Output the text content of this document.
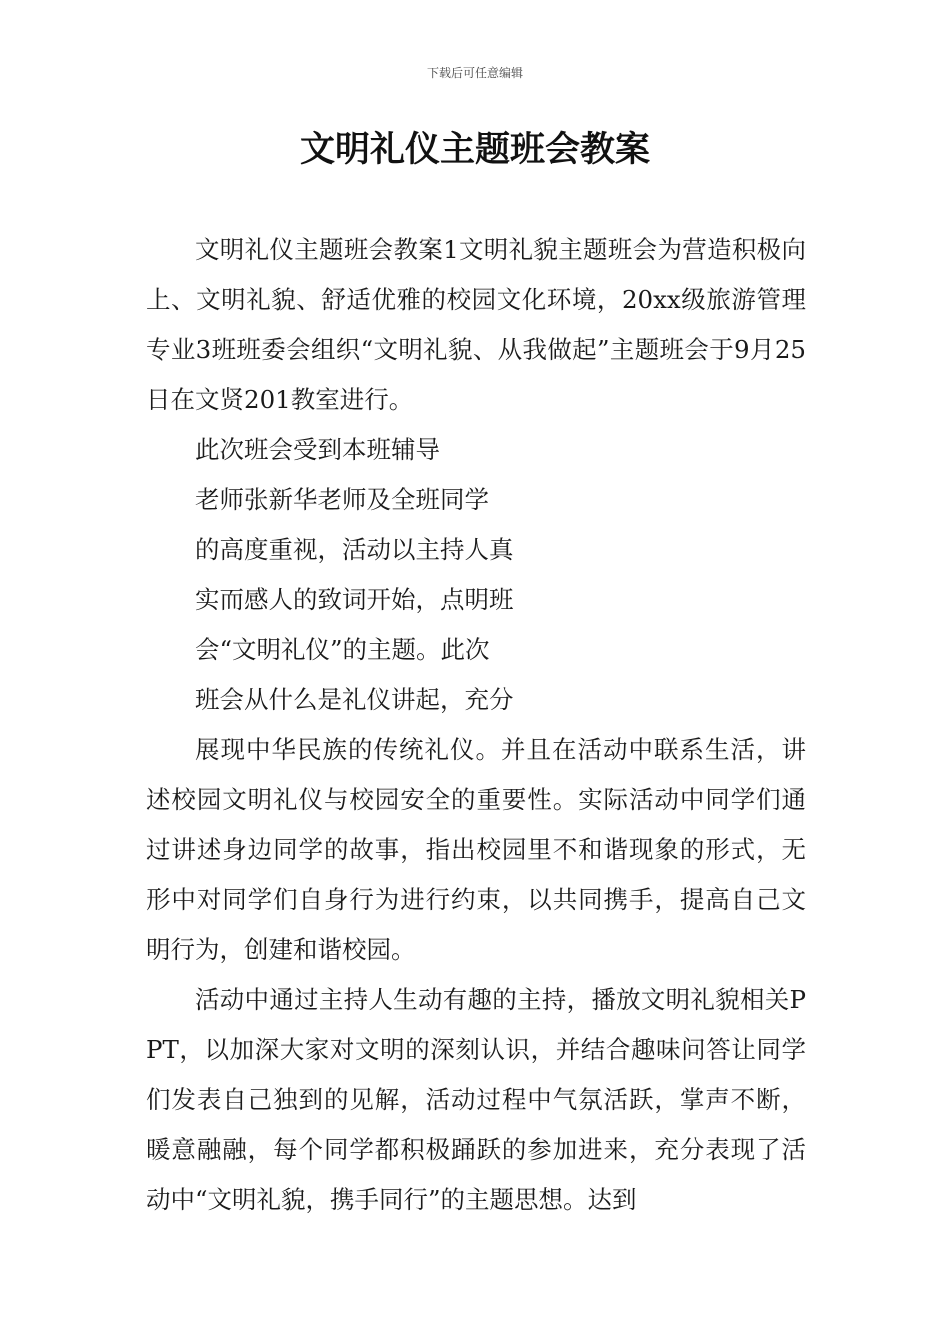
下载后可任意编辑
文明礼仪主题班会教案

文明礼仪主题班会教案1文明礼貌主题班会为营造积极向上、文明礼貌、舒适优雅的校园文化环境，20xx级旅游管理专业3班班委会组织“文明礼貌、从我做起”主题班会于9月25日在文贤201教室进行。

此次班会受到本班辅导

老师张新华老师及全班同学

的高度重视，活动以主持人真

实而感人的致词开始，点明班

会“文明礼仪”的主题。此次

班会从什么是礼仪讲起，充分

展现中华民族的传统礼仪。并且在活动中联系生活，讲述校园文明礼仪与校园安全的重要性。实际活动中同学们通过讲述身边同学的故事，指出校园里不和谐现象的形式，无形中对同学们自身行为进行约束，以共同携手，提高自己文明行为，创建和谐校园。

活动中通过主持人生动有趣的主持，播放文明礼貌相关PPT，以加深大家对文明的深刻认识，并结合趣味问答让同学们发表自己独到的见解，活动过程中气氛活跃，掌声不断，暖意融融，每个同学都积极踊跃的参加进来，充分表现了活动中“文明礼貌，携手同行”的主题思想。达到
